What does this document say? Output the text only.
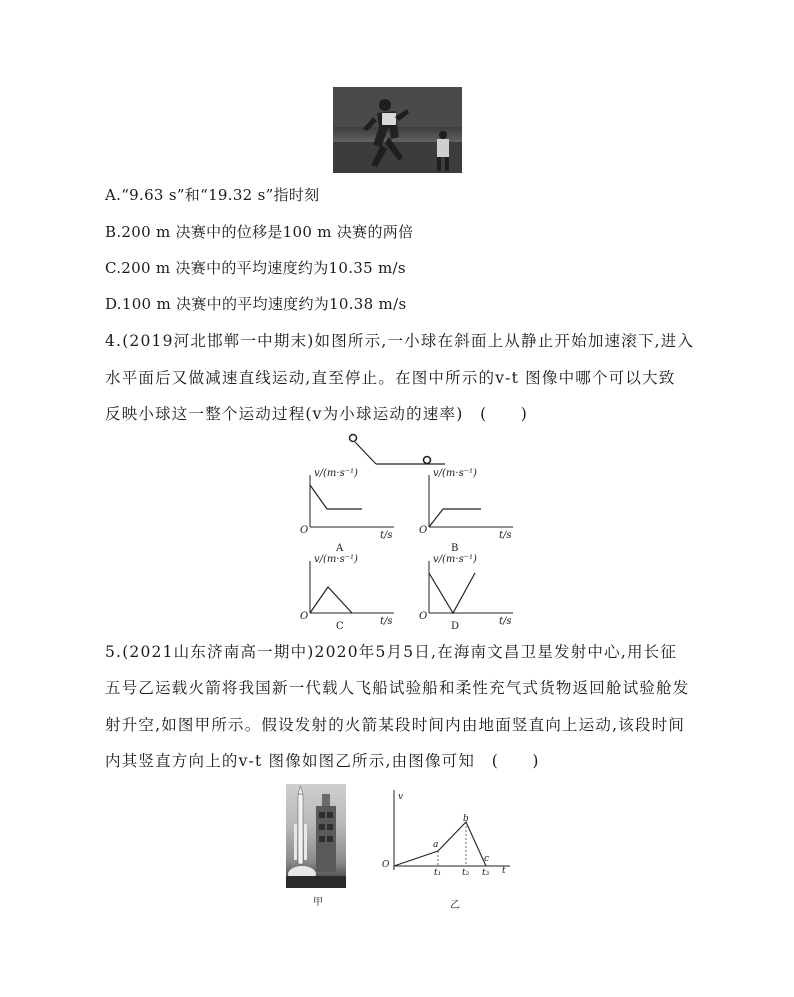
A.“9.63 s”和“19.32 s”指时刻
B.200 m 决赛中的位移是100 m 决赛的两倍
C.200 m 决赛中的平均速度约为10.35 m/s
D.100 m 决赛中的平均速度约为10.38 m/s
4.(2019河北邯郸一中期末)如图所示,一小球在斜面上从静止开始加速滚下,进入
水平面后又做减速直线运动,直至停止。在图中所示的v-t 图像中哪个可以大致
反映小球这一整个运动过程(v为小球运动的速率)　(　　)
v/(m·s⁻¹)
t/s
O
A
v/(m·s⁻¹)
t/s
O
B
v/(m·s⁻¹)
t/s
O
C
v/(m·s⁻¹)
t/s
O
D
5.(2021山东济南高一期中)2020年5月5日,在海南文昌卫星发射中心,用长征
五号乙运载火箭将我国新一代载人飞船试验船和柔性充气式货物返回舱试验舱发
射升空,如图甲所示。假设发射的火箭某段时间内由地面竖直向上运动,该段时间
内其竖直方向上的v-t 图像如图乙所示,由图像可知　(　　)
甲
v
O
t
a
b
c
t₁ t₂ t₃
乙
